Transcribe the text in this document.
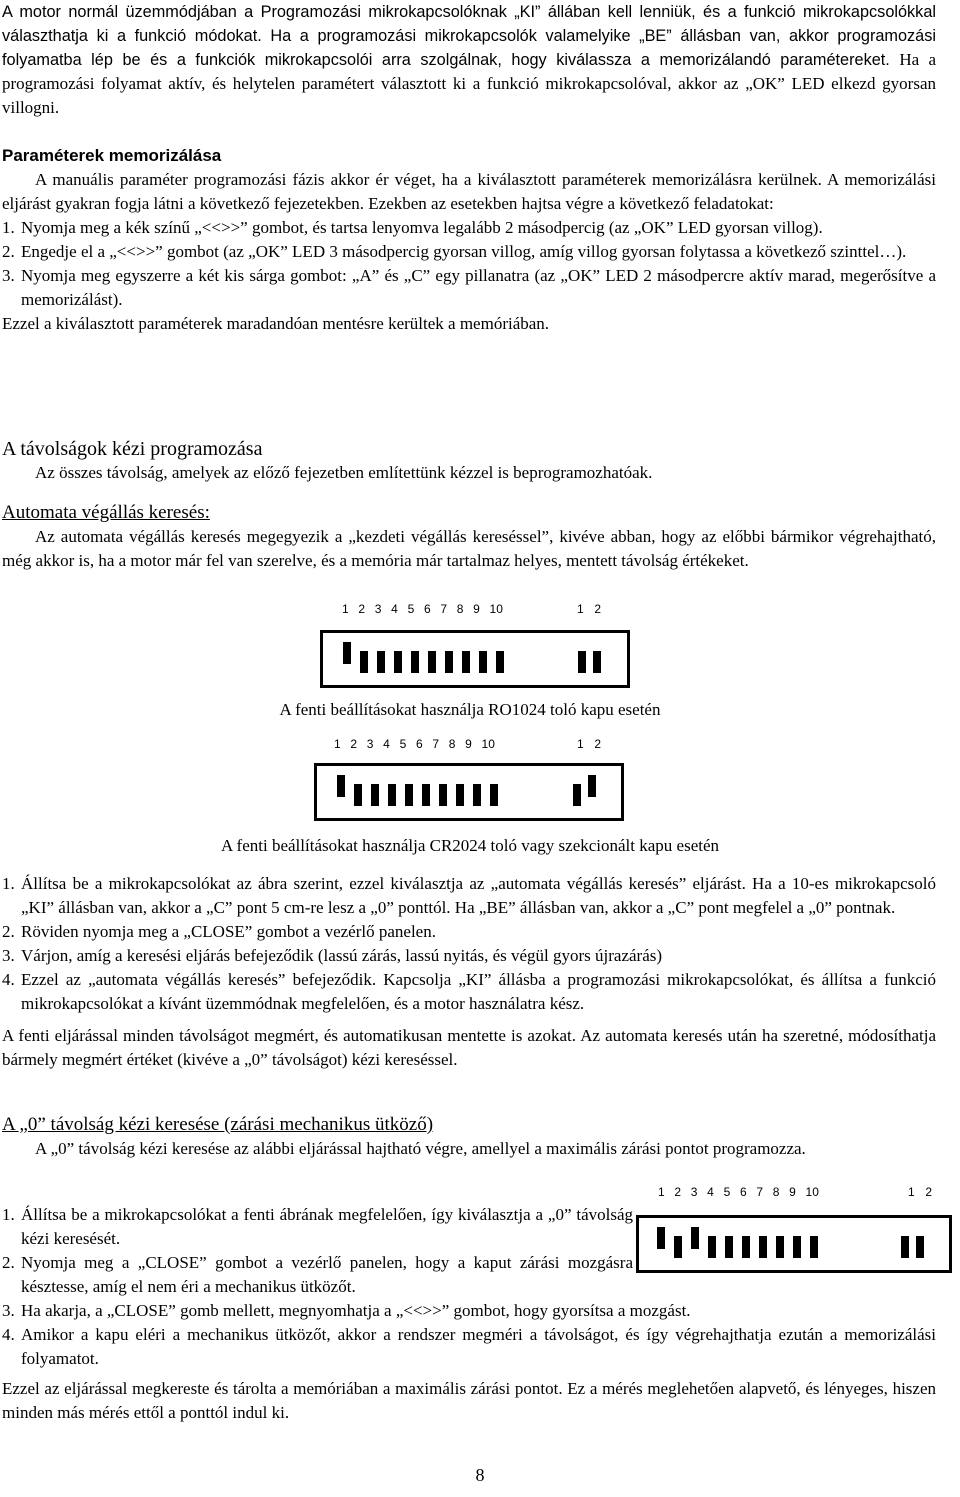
A motor normál üzemmódjában a Programozási mikrokapcsolóknak „KI” állában kell lenniük, és a funkció mikrokapcsolókkal választhatja ki a funkció módokat. Ha a programozási mikrokapcsolók valamelyike „BE” állásban van, akkor programozási folyamatba lép be és a funkciók mikrokapcsolói arra szolgálnak, hogy kiválassza a memorizálandó paramétereket. Ha a programozási folyamat aktív, és helytelen paramétert választott ki a funkció mikrokapcsolóval, akkor az „OK” LED elkezd gyorsan villogni.

Paraméterek memorizálása

A manuális paraméter programozási fázis akkor ér véget, ha a kiválasztott paraméterek memorizálásra kerülnek. A memorizálási eljárást gyakran fogja látni a következő fejezetekben. Ezekben az esetekben hajtsa végre a következő feladatokat:

1. Nyomja meg a kék színű „<<>>” gombot, és tartsa lenyomva legalább 2 másodpercig (az „OK” LED gyorsan villog).
2. Engedje el a „<<>>” gombot (az „OK” LED 3 másodpercig gyorsan villog, amíg villog gyorsan folytassa a következő szinttel…).
3. Nyomja meg egyszerre a két kis sárga gombot: „A” és „C” egy pillanatra (az „OK” LED 2 másodpercre aktív marad, megerősítve a memorizálást).

Ezzel a kiválasztott paraméterek maradandóan mentésre kerültek a memóriában.

A távolságok kézi programozása

Az összes távolság, amelyek az előző fejezetben említettünk kézzel is beprogramozhatóak.

Automata végállás keresés:

Az automata végállás keresés megegyezik a „kezdeti végállás kereséssel”, kivéve abban, hogy az előbbi bármikor végrehajtható, még akkor is, ha a motor már fel van szerelve, és a memória már tartalmaz helyes, mentett távolság értékeket.

1 2 3 4 5 6 7 8 9 10	1 2
A fenti beállításokat használja RO1024 toló kapu esetén
1 2 3 4 5 6 7 8 9 10	1 2
A fenti beállításokat használja CR2024 toló vagy szekcionált kapu esetén
1. Állítsa be a mikrokapcsolókat az ábra szerint, ezzel kiválasztja az „automata végállás keresés” eljárást. Ha a 10-es mikrokapcsoló „KI” állásban van, akkor a „C” pont 5 cm-re lesz a „0” ponttól. Ha „BE” állásban van, akkor a „C” pont megfelel a „0” pontnak.
2. Röviden nyomja meg a „CLOSE” gombot a vezérlő panelen.
3. Várjon, amíg a keresési eljárás befejeződik (lassú zárás, lassú nyitás, és végül gyors újrazárás)
4. Ezzel az „automata végállás keresés” befejeződik. Kapcsolja „KI” állásba a programozási mikrokapcsolókat, és állítsa a funkció mikrokapcsolókat a kívánt üzemmódnak megfelelően, és a motor használatra kész.

A fenti eljárással minden távolságot megmért, és automatikusan mentette is azokat. Az automata keresés után ha szeretné, módosíthatja bármely megmért értéket (kivéve a „0” távolságot) kézi kereséssel.

A „0” távolság kézi keresése (zárási mechanikus ütköző)

A „0” távolság kézi keresése az alábbi eljárással hajtható végre, amellyel a maximális zárási pontot programozza.

1 2 3 4 5 6 7 8 9 10	1 2
1. Állítsa be a mikrokapcsolókat a fenti ábrának megfelelően, így kiválasztja a „0” távolság kézi keresését.
2. Nyomja meg a „CLOSE” gombot a vezérlő panelen, hogy a kaput zárási mozgásra késztesse, amíg el nem éri a mechanikus ütközőt.
3. Ha akarja, a „CLOSE” gomb mellett, megnyomhatja a „<<>>” gombot, hogy gyorsítsa a mozgást.
4. Amikor a kapu eléri a mechanikus ütközőt, akkor a rendszer megméri a távolságot, és így végrehajthatja ezután a memorizálási folyamatot.

Ezzel az eljárással megkereste és tárolta a memóriában a maximális zárási pontot. Ez a mérés meglehetően alapvető, és lényeges, hiszen minden más mérés ettől a ponttól indul ki.

8
